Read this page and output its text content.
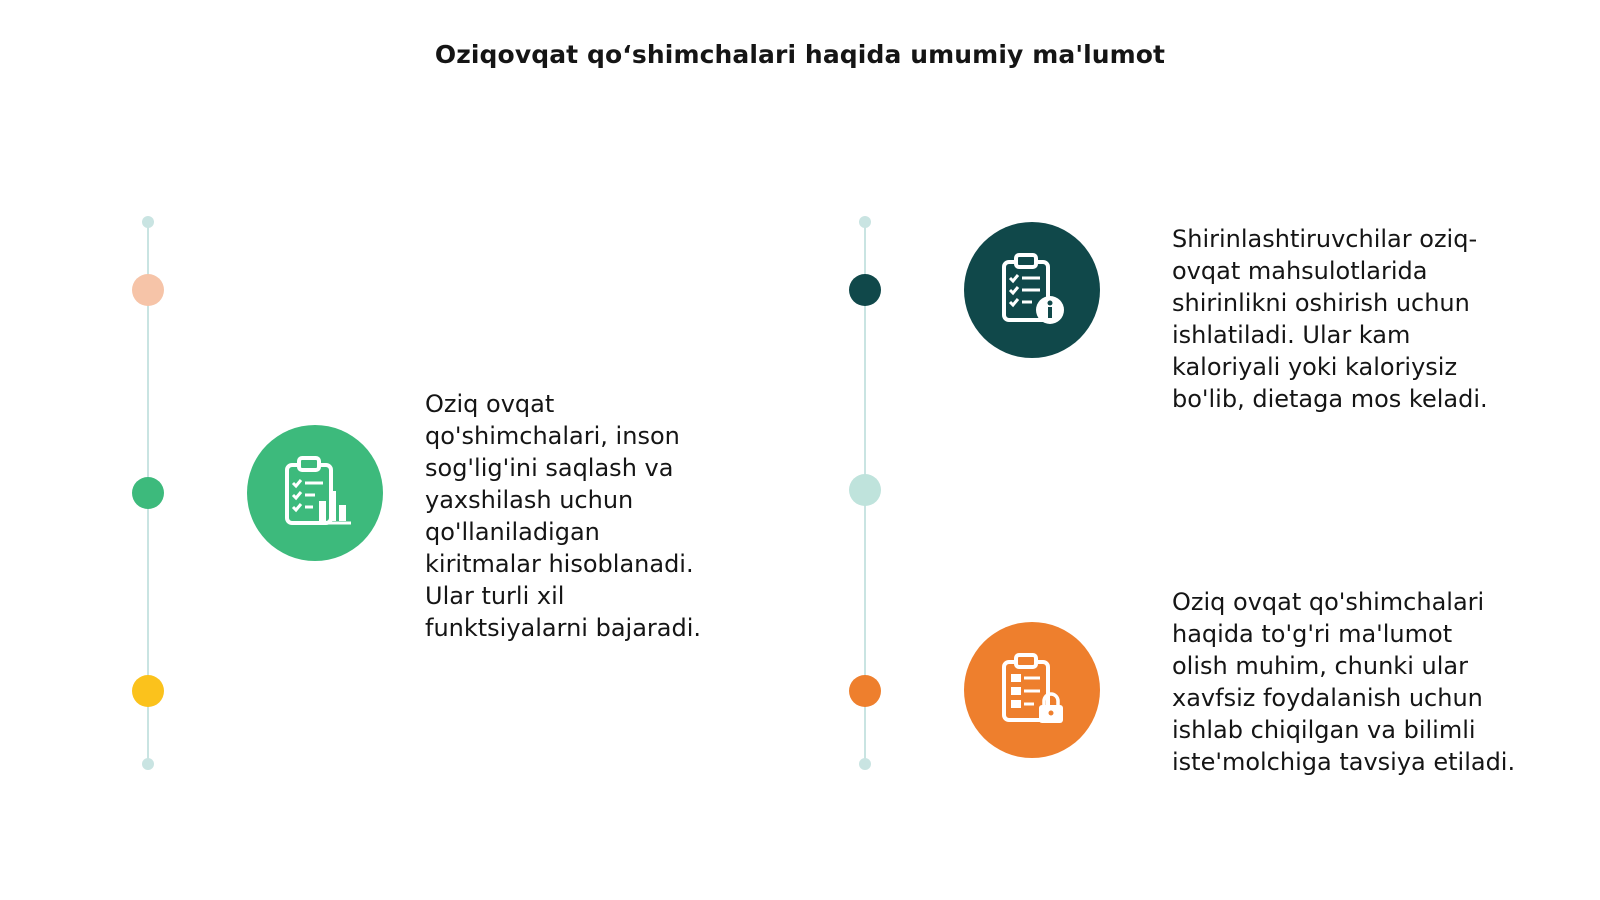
Oziqovqat qo‘shimchalari haqida umumiy ma'lumot
Oziq ovqat
qo'shimchalari, inson
sog'lig'ini saqlash va
yaxshilash uchun
qo'llaniladigan
kiritmalar hisoblanadi.
Ular turli xil
funktsiyalarni bajaradi.
Shirinlashtiruvchilar oziq-
ovqat mahsulotlarida
shirinlikni oshirish uchun
ishlatiladi. Ular kam
kaloriyali yoki kaloriysiz
bo'lib, dietaga mos keladi.
Oziq ovqat qo'shimchalari
haqida to'g'ri ma'lumot
olish muhim, chunki ular
xavfsiz foydalanish uchun
ishlab chiqilgan va bilimli
iste'molchiga tavsiya etiladi.
